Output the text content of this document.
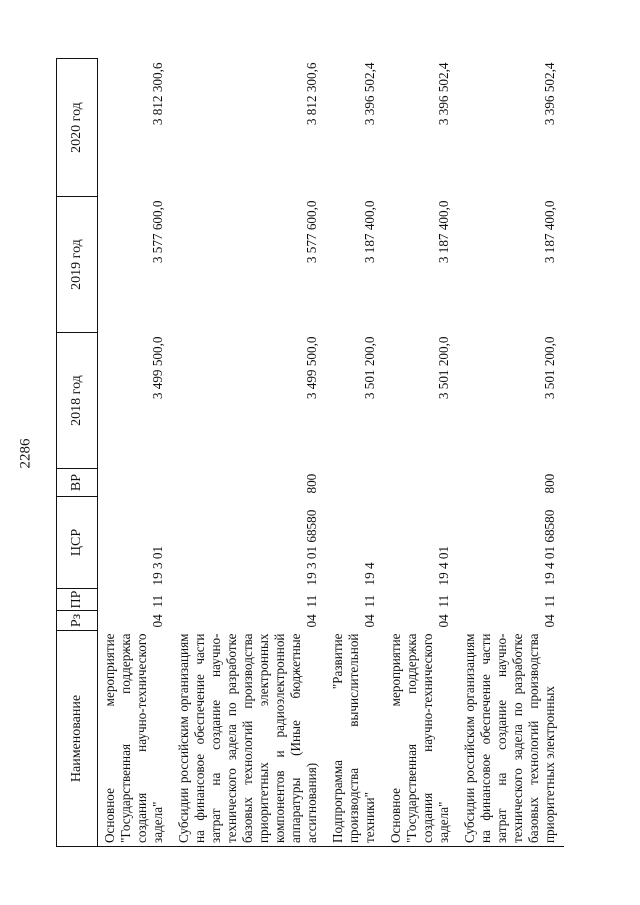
2286
Наименование	Рз	ПР	ЦСР	ВР	2018 год	2019 год	2020 год
Основное мероприятие "Государственная поддержка создания научно-технического задела"	04	11	19 3 01		3 499 500,0	3 577 600,0	3 812 300,6
Субсидии российским организациям на финансовое обеспечение части затрат на создание научно-технического задела по разработке базовых технологий производства приоритетных электронных компонентов и радиоэлектронной аппаратуры (Иные бюджетные ассигнования)	04	11	19 3 01 68580	800	3 499 500,0	3 577 600,0	3 812 300,6
Подпрограмма "Развитие производства вычислительной техники"	04	11	19 4		3 501 200,0	3 187 400,0	3 396 502,4
Основное мероприятие "Государственная поддержка создания научно-технического задела"	04	11	19 4 01		3 501 200,0	3 187 400,0	3 396 502,4
Субсидии российским организациям на финансовое обеспечение части затрат на создание научно-технического задела по разработке базовых технологий производства приоритетных электронных	04	11	19 4 01 68580	800	3 501 200,0	3 187 400,0	3 396 502,4
